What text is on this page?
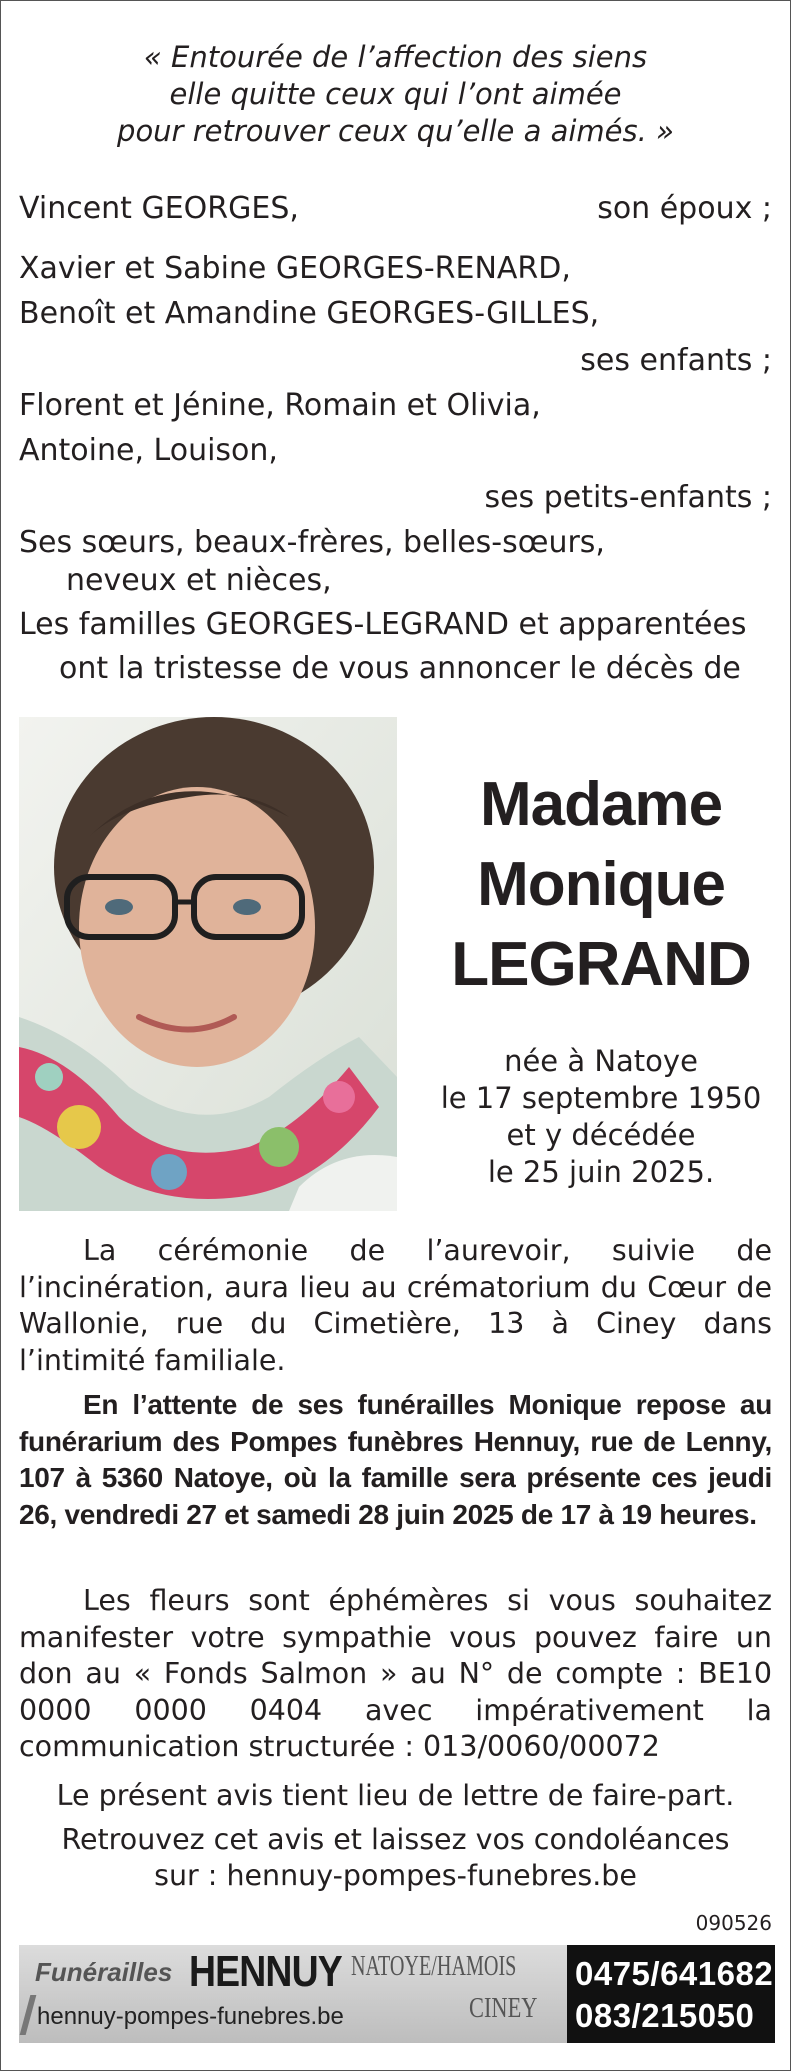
« Entourée de l’affection des siens
elle quitte ceux qui l’ont aimée
pour retrouver ceux qu’elle a aimés. »
Vincent GEORGES,	son époux ;
Xavier et Sabine GEORGES-RENARD,
Benoît et Amandine GEORGES-GILLES,
ses enfants ;
Florent et Jénine, Romain et Olivia,
Antoine, Louison,
ses petits-enfants ;
Ses sœurs, beaux-frères, belles-sœurs,
neveux et nièces,
Les familles GEORGES-LEGRAND et apparentées
ont la tristesse de vous annoncer le décès de
Madame
Monique
LEGRAND
née à Natoye
le 17 septembre 1950
et y décédée
le 25 juin 2025.
La cérémonie de l’aurevoir, suivie de l’incinération, aura lieu au crématorium du Cœur de Wallonie, rue du Cimetière, 13 à Ciney dans l’intimité familiale.
En l’attente de ses funérailles Monique repose au funérarium des Pompes funèbres Hennuy, rue de Lenny, 107 à 5360 Natoye, où la famille sera présente ces jeudi 26, vendredi 27 et samedi 28 juin 2025 de 17 à 19 heures.
Les fleurs sont éphémères si vous souhaitez manifester votre sympathie vous pouvez faire un don au « Fonds Salmon » au N° de compte : BE10 0000 0000 0404 avec impérativement la communication structurée : 013/0060/00072
Le présent avis tient lieu de lettre de faire-part.
Retrouvez cet avis et laissez vos condoléances
sur : hennuy-pompes-funebres.be
090526
Funérailles HENNUY NATOYE/HAMOIS
CINEY
hennuy-pompes-funebres.be
0475/641682
083/215050
